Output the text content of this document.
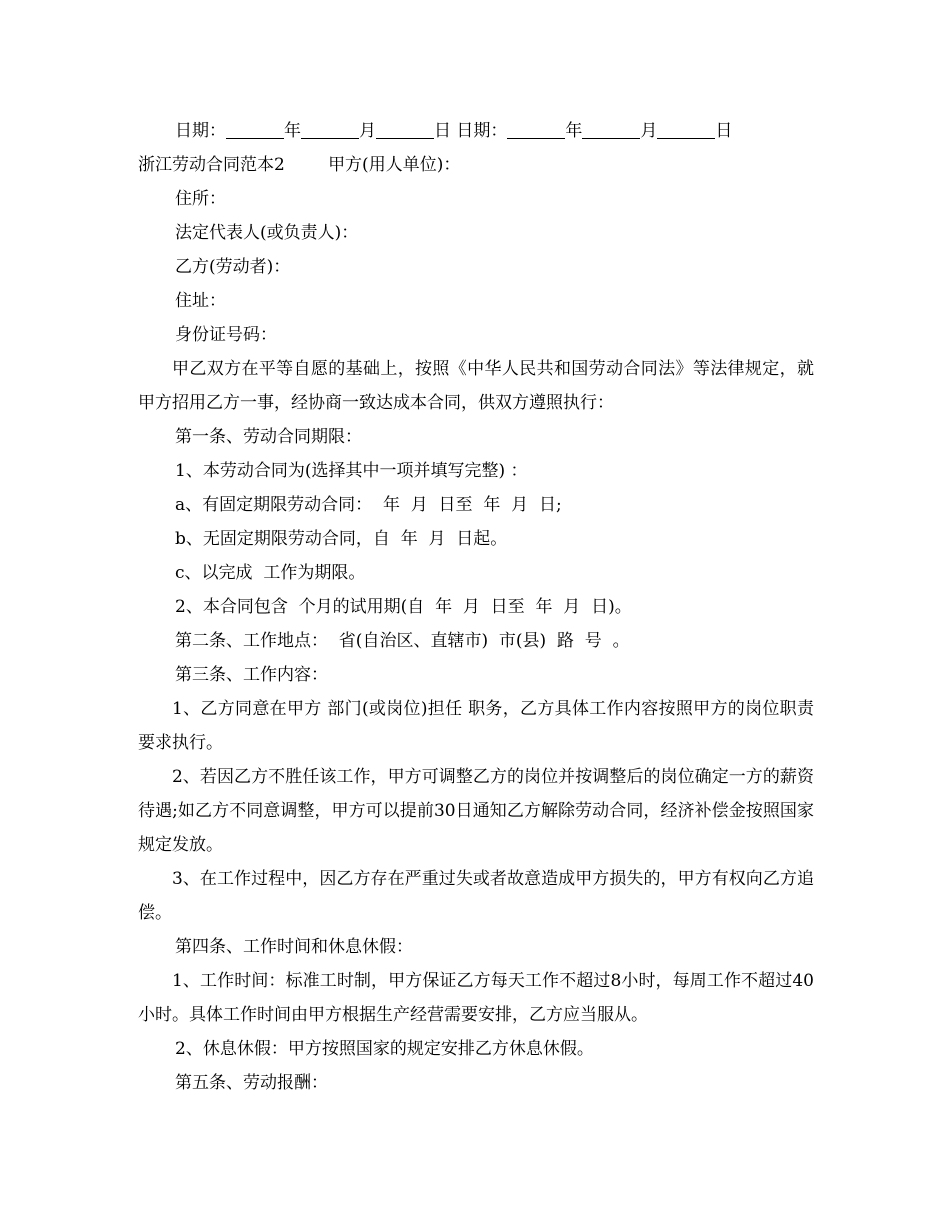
日期：	年	月	日 日期：	年	月	日
浙江劳动合同范本2	甲方(用人单位)：
住所：
法定代表人(或负责人)：
乙方(劳动者)：
住址：
身份证号码：

甲乙双方在平等自愿的基础上，按照《中华人民共和国劳动合同法》等法律规定，就甲方招用乙方一事，经协商一致达成本合同，供双方遵照执行：

第一条、劳动合同期限：
1、本劳动合同为(选择其中一项并填写完整) ：
a、有固定期限劳动合同：  年  月  日至  年  月  日;
b、无固定期限劳动合同，自  年  月  日起。
c、以完成  工作为期限。
2、本合同包含  个月的试用期(自  年  月  日至  年  月  日)。
第二条、工作地点：  省(自治区、直辖市)  市(县)  路  号  。
第三条、工作内容：

1、乙方同意在甲方 部门(或岗位)担任 职务，乙方具体工作内容按照甲方的岗位职责要求执行。

2、若因乙方不胜任该工作，甲方可调整乙方的岗位并按调整后的岗位确定一方的薪资待遇;如乙方不同意调整，甲方可以提前30日通知乙方解除劳动合同，经济补偿金按照国家规定发放。

3、在工作过程中，因乙方存在严重过失或者故意造成甲方损失的，甲方有权向乙方追偿。

第四条、工作时间和休息休假：

1、工作时间：标准工时制，甲方保证乙方每天工作不超过8小时，每周工作不超过40小时。具体工作时间由甲方根据生产经营需要安排，乙方应当服从。

2、休息休假：甲方按照国家的规定安排乙方休息休假。
第五条、劳动报酬：
